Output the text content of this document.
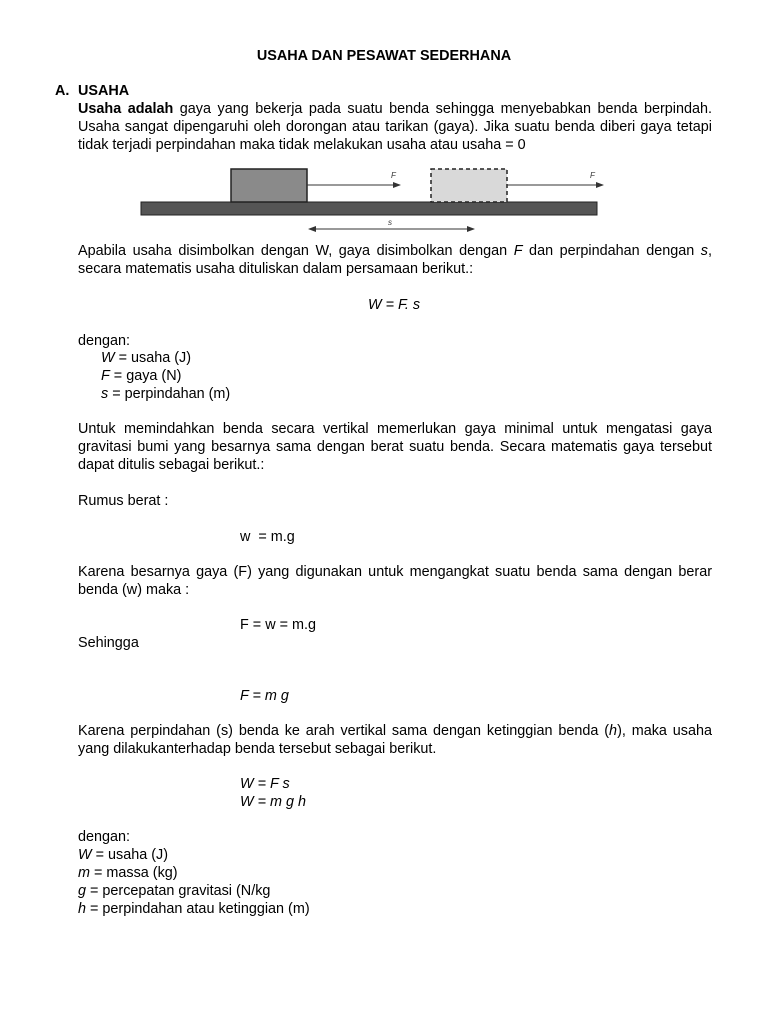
USAHA DAN PESAWAT SEDERHANA
A. USAHA
Usaha adalah gaya yang bekerja pada suatu benda sehingga menyebabkan benda berpindah. Usaha sangat dipengaruhi oleh dorongan atau tarikan (gaya). Jika suatu benda diberi gaya tetapi tidak terjadi perpindahan maka tidak melakukan usaha atau usaha = 0
F	F
s
Apabila usaha disimbolkan dengan W, gaya disimbolkan dengan F dan perpindahan dengan s, secara matematis usaha dituliskan dalam persamaan berikut.:
W = F. s
dengan:
W = usaha (J)
F = gaya (N)
s = perpindahan (m)
Untuk memindahkan benda secara vertikal memerlukan gaya minimal untuk mengatasi gaya gravitasi bumi yang besarnya sama dengan berat suatu benda. Secara matematis gaya tersebut dapat ditulis sebagai berikut.:
Rumus berat :
w  = m.g
Karena besarnya gaya (F) yang digunakan untuk mengangkat suatu benda sama dengan berar benda (w) maka :
F = w = m.g
Sehingga
F = m g
Karena perpindahan (s) benda ke arah vertikal sama dengan ketinggian benda (h), maka usaha yang dilakukanterhadap benda tersebut sebagai berikut.
W = F s
W = m g h
dengan:
W = usaha (J)
m = massa (kg)
g = percepatan gravitasi (N/kg
h = perpindahan atau ketinggian (m)
